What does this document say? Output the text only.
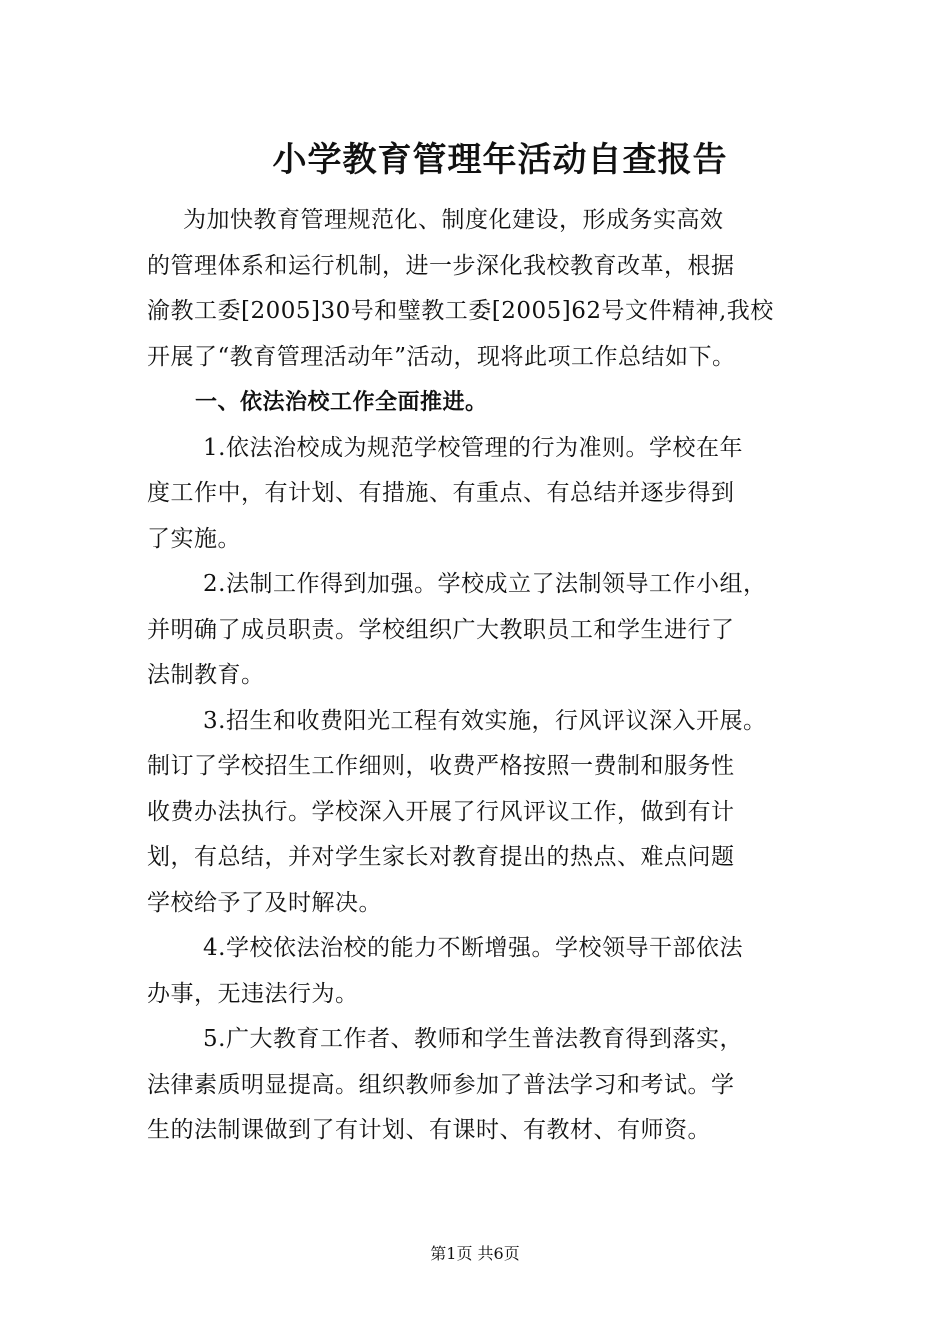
小学教育管理年活动自查报告
为加快教育管理规范化、制度化建设，形成务实高效
的管理体系和运行机制，进一步深化我校教育改革，根据
渝教工委[2005]30号和璧教工委[2005]62号文件精神,我校
开展了“教育管理活动年”活动，现将此项工作总结如下。
一、依法治校工作全面推进。
1.依法治校成为规范学校管理的行为准则。学校在年
度工作中，有计划、有措施、有重点、有总结并逐步得到
了实施。
2.法制工作得到加强。学校成立了法制领导工作小组，
并明确了成员职责。学校组织广大教职员工和学生进行了
法制教育。
3.招生和收费阳光工程有效实施，行风评议深入开展。
制订了学校招生工作细则，收费严格按照一费制和服务性
收费办法执行。学校深入开展了行风评议工作，做到有计
划，有总结，并对学生家长对教育提出的热点、难点问题
学校给予了及时解决。
4.学校依法治校的能力不断增强。学校领导干部依法
办事，无违法行为。
5.广大教育工作者、教师和学生普法教育得到落实，
法律素质明显提高。组织教师参加了普法学习和考试。学
生的法制课做到了有计划、有课时、有教材、有师资。
第1页 共6页
